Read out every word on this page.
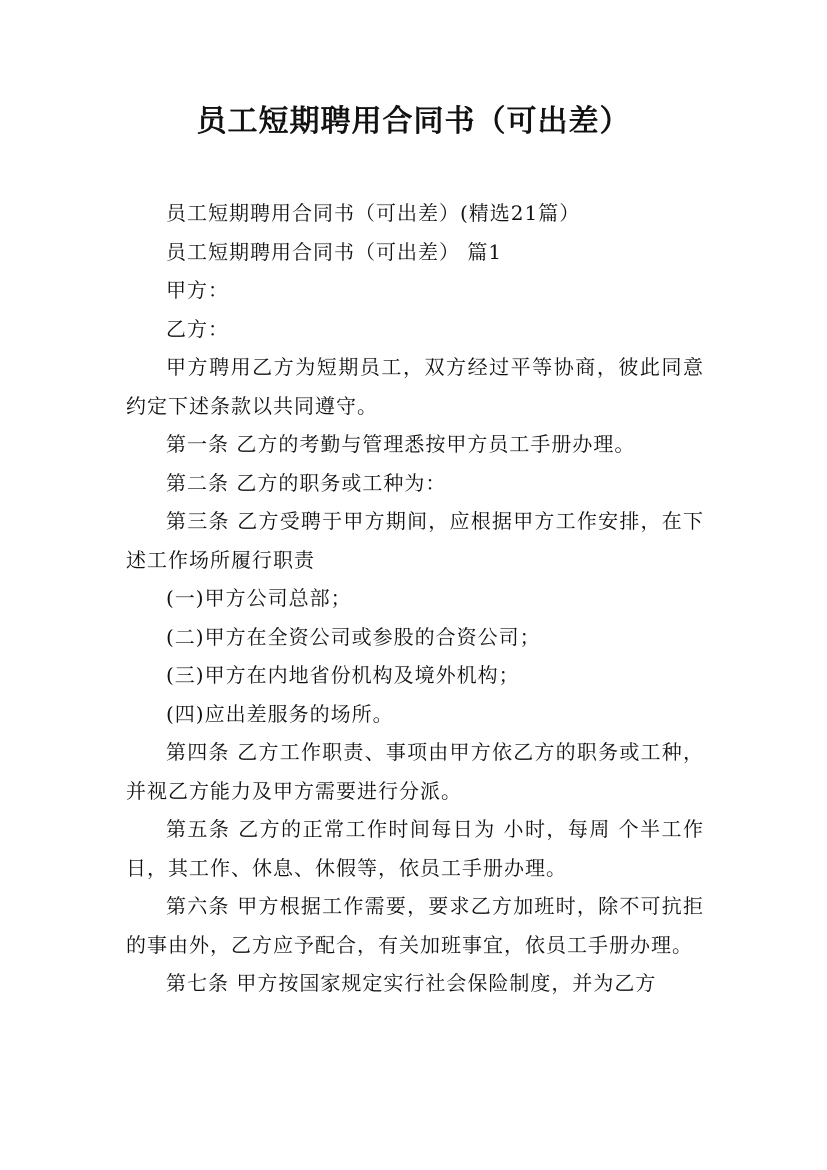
员工短期聘用合同书（可出差）

员工短期聘用合同书（可出差）(精选21篇）

员工短期聘用合同书（可出差） 篇1

甲方：

乙方：

甲方聘用乙方为短期员工，双方经过平等协商，彼此同意约定下述条款以共同遵守。

第一条 乙方的考勤与管理悉按甲方员工手册办理。

第二条 乙方的职务或工种为：

第三条 乙方受聘于甲方期间，应根据甲方工作安排，在下述工作场所履行职责

(一)甲方公司总部；

(二)甲方在全资公司或参股的合资公司；

(三)甲方在内地省份机构及境外机构；

(四)应出差服务的场所。

第四条 乙方工作职责、事项由甲方依乙方的职务或工种，并视乙方能力及甲方需要进行分派。

第五条 乙方的正常工作时间每日为 小时，每周 个半工作日，其工作、休息、休假等，依员工手册办理。

第六条 甲方根据工作需要，要求乙方加班时，除不可抗拒的事由外，乙方应予配合，有关加班事宜，依员工手册办理。

第七条 甲方按国家规定实行社会保险制度，并为乙方
